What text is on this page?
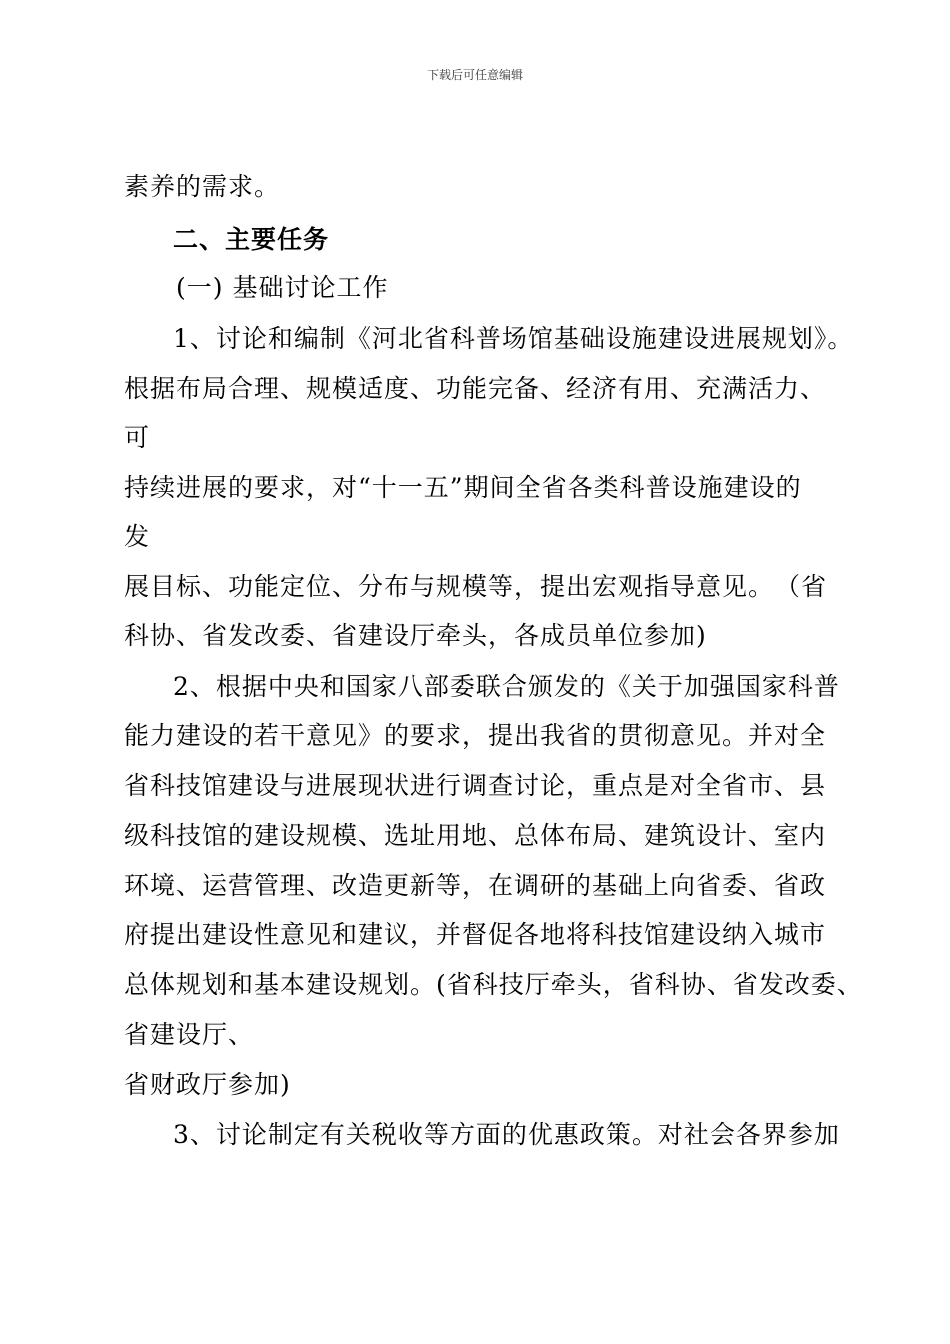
下载后可任意编辑
素养的需求。
二、主要任务
(一) 基础讨论工作
1、讨论和编制《河北省科普场馆基础设施建设进展规划》。
根据布局合理、规模适度、功能完备、经济有用、充满活力、
可
持续进展的要求，对“十一五”期间全省各类科普设施建设的
发
展目标、功能定位、分布与规模等，提出宏观指导意见。　（省
科协、省发改委、省建设厅牵头，各成员单位参加)
2、根据中央和国家八部委联合颁发的《关于加强国家科普
能力建设的若干意见》的要求，提出我省的贯彻意见。并对全
省科技馆建设与进展现状进行调查讨论，重点是对全省市、县
级科技馆的建设规模、选址用地、总体布局、建筑设计、室内
环境、运营管理、改造更新等，在调研的基础上向省委、省政
府提出建设性意见和建议，并督促各地将科技馆建设纳入城市
总体规划和基本建设规划。(省科技厅牵头，省科协、省发改委、
省建设厅、
省财政厅参加)
3、讨论制定有关税收等方面的优惠政策。对社会各界参加
